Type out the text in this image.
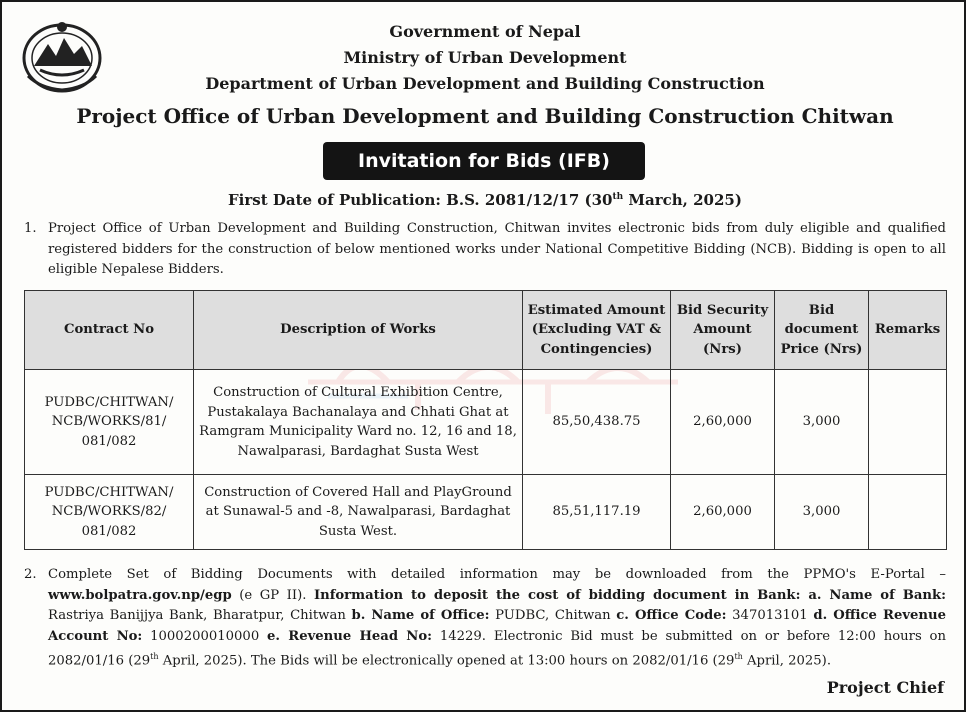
Government of Nepal
Ministry of Urban Development
Department of Urban Development and Building Construction
Project Office of Urban Development and Building Construction Chitwan
Invitation for Bids (IFB)
First Date of Publication: B.S. 2081/12/17 (30th March, 2025)
1. Project Office of Urban Development and Building Construction, Chitwan invites electronic bids from duly eligible and qualified registered bidders for the construction of below mentioned works under National Competitive Bidding (NCB). Bidding is open to all eligible Nepalese Bidders.
Contract No	Description of Works	Estimated Amount (Excluding VAT & Contingencies)	Bid Security Amount (Nrs)	Bid document Price (Nrs)	Remarks
PUDBC/CHITWAN/ NCB/WORKS/81/ 081/082	Construction of Cultural Exhibition Centre, Pustakalaya Bachanalaya and Chhati Ghat at Ramgram Municipality Ward no. 12, 16 and 18, Nawalparasi, Bardaghat Susta West	85,50,438.75	2,60,000	3,000	
PUDBC/CHITWAN/ NCB/WORKS/82/ 081/082	Construction of Covered Hall and PlayGround at Sunawal-5 and -8, Nawalparasi, Bardaghat Susta West.	85,51,117.19	2,60,000	3,000	
2. Complete Set of Bidding Documents with detailed information may be downloaded from the PPMO's E-Portal – www.bolpatra.gov.np/egp (e GP II). Information to deposit the cost of bidding document in Bank: a. Name of Bank: Rastriya Banijjya Bank, Bharatpur, Chitwan b. Name of Office: PUDBC, Chitwan c. Office Code: 347013101 d. Office Revenue Account No: 1000200010000 e. Revenue Head No: 14229. Electronic Bid must be submitted on or before 12:00 hours on 2082/01/16 (29th April, 2025). The Bids will be electronically opened at 13:00 hours on 2082/01/16 (29th April, 2025).
Project Chief
